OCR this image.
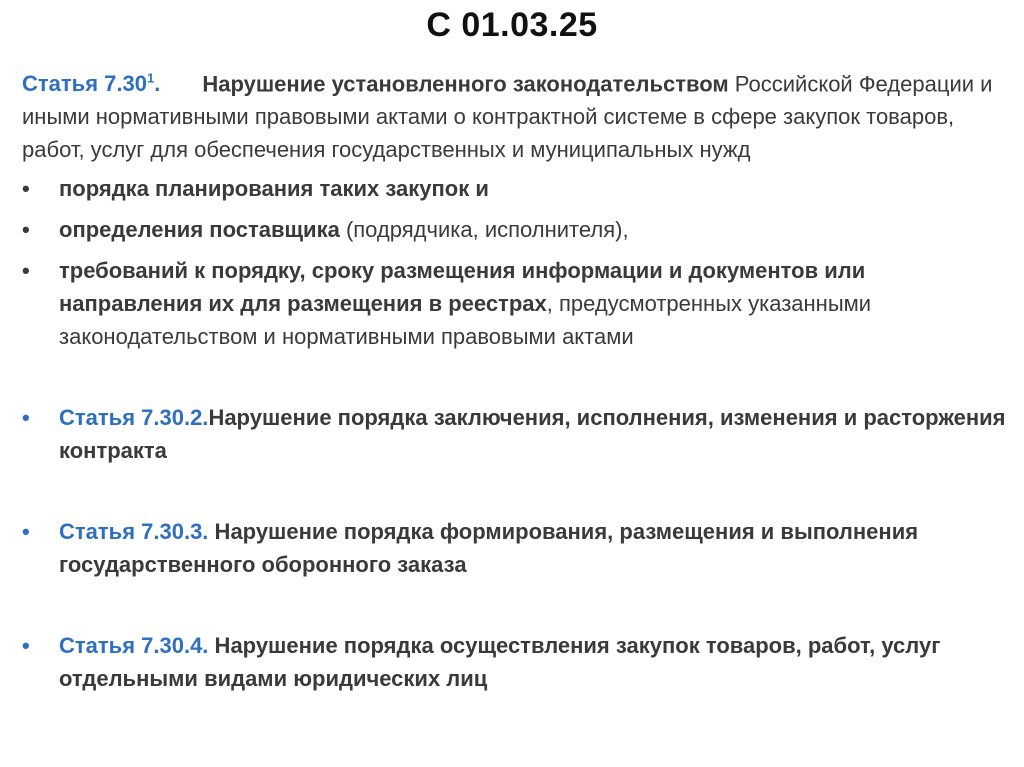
С 01.03.25

Статья 7.30$^1$. Нарушение установленного законодательством Российской Федерации и иными нормативными правовыми актами о контрактной системе в сфере закупок товаров, работ, услуг для обеспечения государственных и муниципальных нужд

•	порядка планирования таких закупок и
•	определения поставщика (подрядчика, исполнителя),
•	требований к порядку, сроку размещения информации и документов или направления их для размещения в реестрах, предусмотренных указанными законодательством и нормативными правовыми актами
•	Статья 7.30.2.Нарушение порядка заключения, исполнения, изменения и расторжения контракта
•	Статья 7.30.3. Нарушение порядка формирования, размещения и выполнения государственного оборонного заказа
•	Статья 7.30.4. Нарушение порядка осуществления закупок товаров, работ, услуг отдельными видами юридических лиц
